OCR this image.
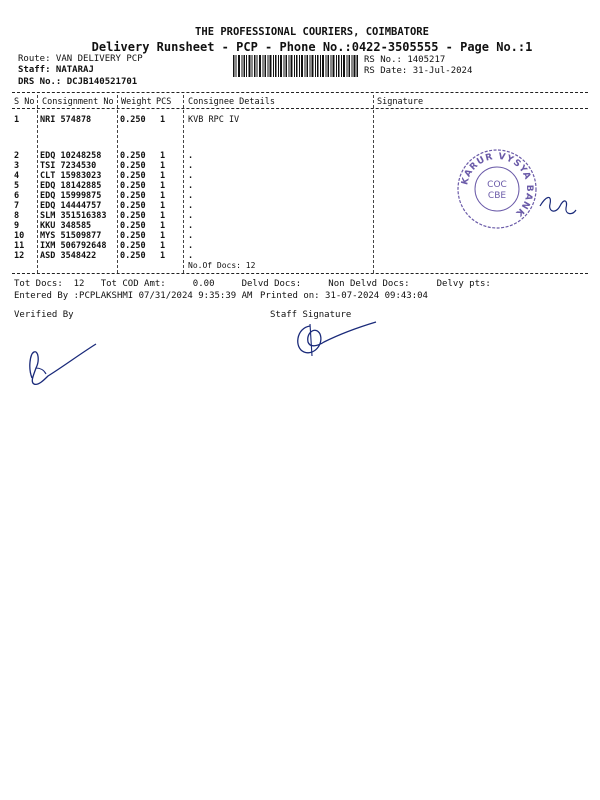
THE PROFESSIONAL COURIERS, COIMBATORE
Delivery Runsheet - PCP - Phone No.:0422-3505555 - Page No.:1
Route: VAN DELIVERY PCP
Staff: NATARAJ
DRS No.: DCJB140521701
RS No.: 1405217
RS Date: 31-Jul-2024
S No Consignment No Weight PCS Consignee Details	Signature
1 NRI 574878	0.250 1	KVB RPC IV
2 EDQ 10248258 0.250 1	.
3 TSI 7234530	0.250 1	.
4 CLT 15983023 0.250 1	.
5 EDQ 18142885 0.250 1	.
6 EDQ 15999875 0.250 1	.
7 EDQ 14444757 0.250 1	.
8 SLM 351516383 0.250 1	.
9 KKU 348585	0.250 1	.
10 MYS 51509877 0.250 1	.
11 IXM 506792648 0.250 1	.
12 ASD 3548422	0.250 1	.
No.Of Docs: 12
Tot Docs:  12   Tot COD Amt:     0.00     Delvd Docs:     Non Delvd Docs:     Delvy pts:
Entered By :PCPLAKSHMI 07/31/2024 9:35:39 AM Printed on: 31-07-2024 09:43:04
Verified By	Staff Signature
KARUR VYSYA BANK
COC
CBE
